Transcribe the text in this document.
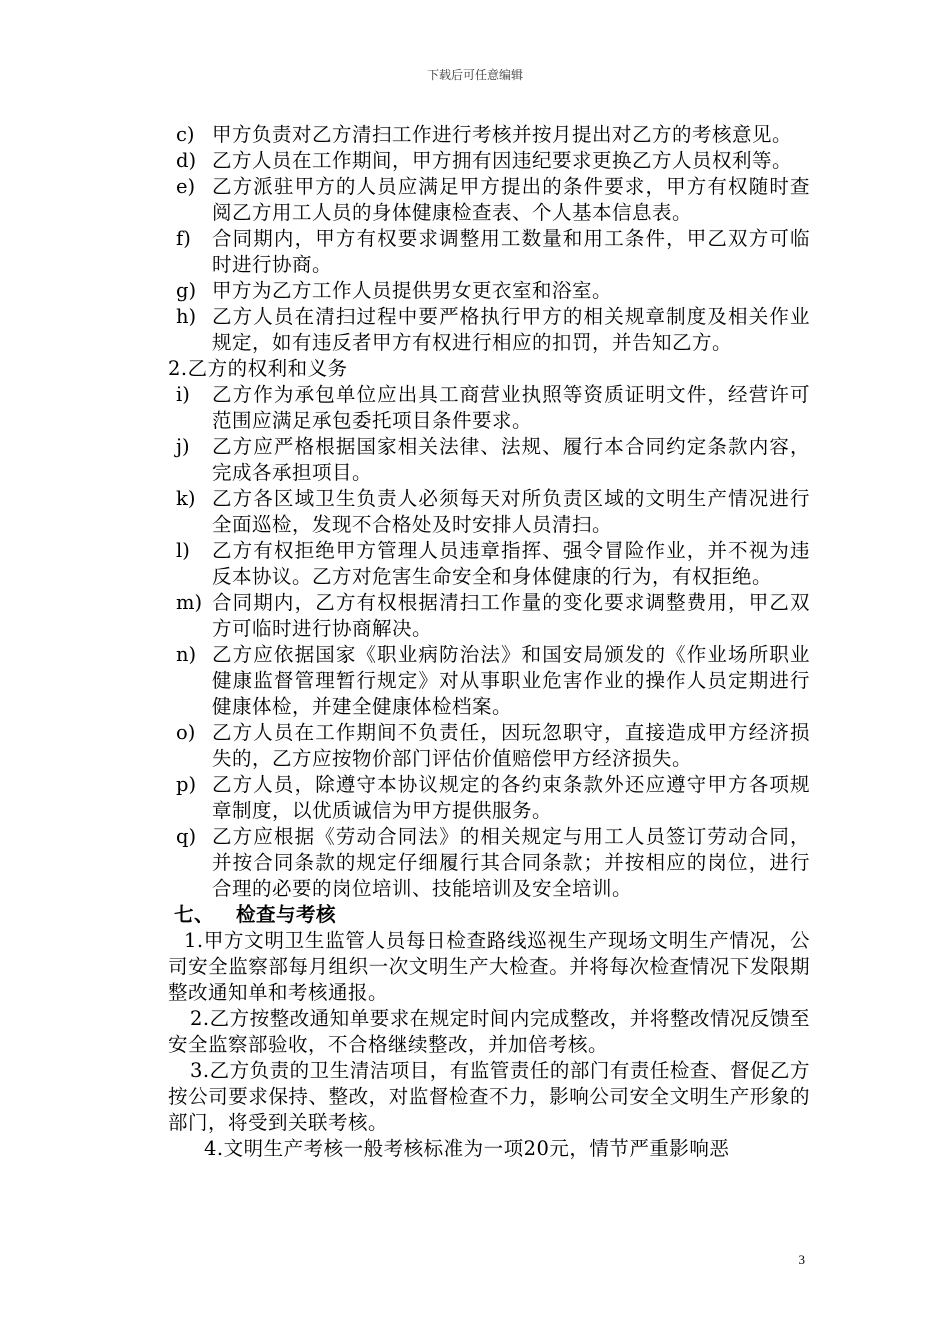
下载后可任意编辑
c) 甲方负责对乙方清扫工作进行考核并按月提出对乙方的考核意见。
d) 乙方人员在工作期间，甲方拥有因违纪要求更换乙方人员权利等。
e) 乙方派驻甲方的人员应满足甲方提出的条件要求，甲方有权随时查阅乙方用工人员的身体健康检查表、个人基本信息表。
f) 合同期内，甲方有权要求调整用工数量和用工条件，甲乙双方可临时进行协商。
g) 甲方为乙方工作人员提供男女更衣室和浴室。
h) 乙方人员在清扫过程中要严格执行甲方的相关规章制度及相关作业规定，如有违反者甲方有权进行相应的扣罚，并告知乙方。
2.乙方的权利和义务
i) 乙方作为承包单位应出具工商营业执照等资质证明文件，经营许可范围应满足承包委托项目条件要求。
j) 乙方应严格根据国家相关法律、法规、履行本合同约定条款内容，完成各承担项目。
k) 乙方各区域卫生负责人必须每天对所负责区域的文明生产情况进行全面巡检，发现不合格处及时安排人员清扫。
l) 乙方有权拒绝甲方管理人员违章指挥、强令冒险作业，并不视为违反本协议。乙方对危害生命安全和身体健康的行为，有权拒绝。
m) 合同期内，乙方有权根据清扫工作量的变化要求调整费用，甲乙双方可临时进行协商解决。
n) 乙方应依据国家《职业病防治法》和国安局颁发的《作业场所职业健康监督管理暂行规定》对从事职业危害作业的操作人员定期进行健康体检，并建全健康体检档案。
o) 乙方人员在工作期间不负责任，因玩忽职守，直接造成甲方经济损失的，乙方应按物价部门评估价值赔偿甲方经济损失。
p) 乙方人员，除遵守本协议规定的各约束条款外还应遵守甲方各项规章制度，以优质诚信为甲方提供服务。
q) 乙方应根据《劳动合同法》的相关规定与用工人员签订劳动合同，并按合同条款的规定仔细履行其合同条款；并按相应的岗位，进行合理的必要的岗位培训、技能培训及安全培训。
七、 检查与考核
1.甲方文明卫生监管人员每日检查路线巡视生产现场文明生产情况，公司安全监察部每月组织一次文明生产大检查。并将每次检查情况下发限期整改通知单和考核通报。
2.乙方按整改通知单要求在规定时间内完成整改，并将整改情况反馈至安全监察部验收，不合格继续整改，并加倍考核。
3.乙方负责的卫生清洁项目，有监管责任的部门有责任检查、督促乙方按公司要求保持、整改，对监督检查不力，影响公司安全文明生产形象的部门，将受到关联考核。
4.文明生产考核一般考核标准为一项20元，情节严重影响恶
3
